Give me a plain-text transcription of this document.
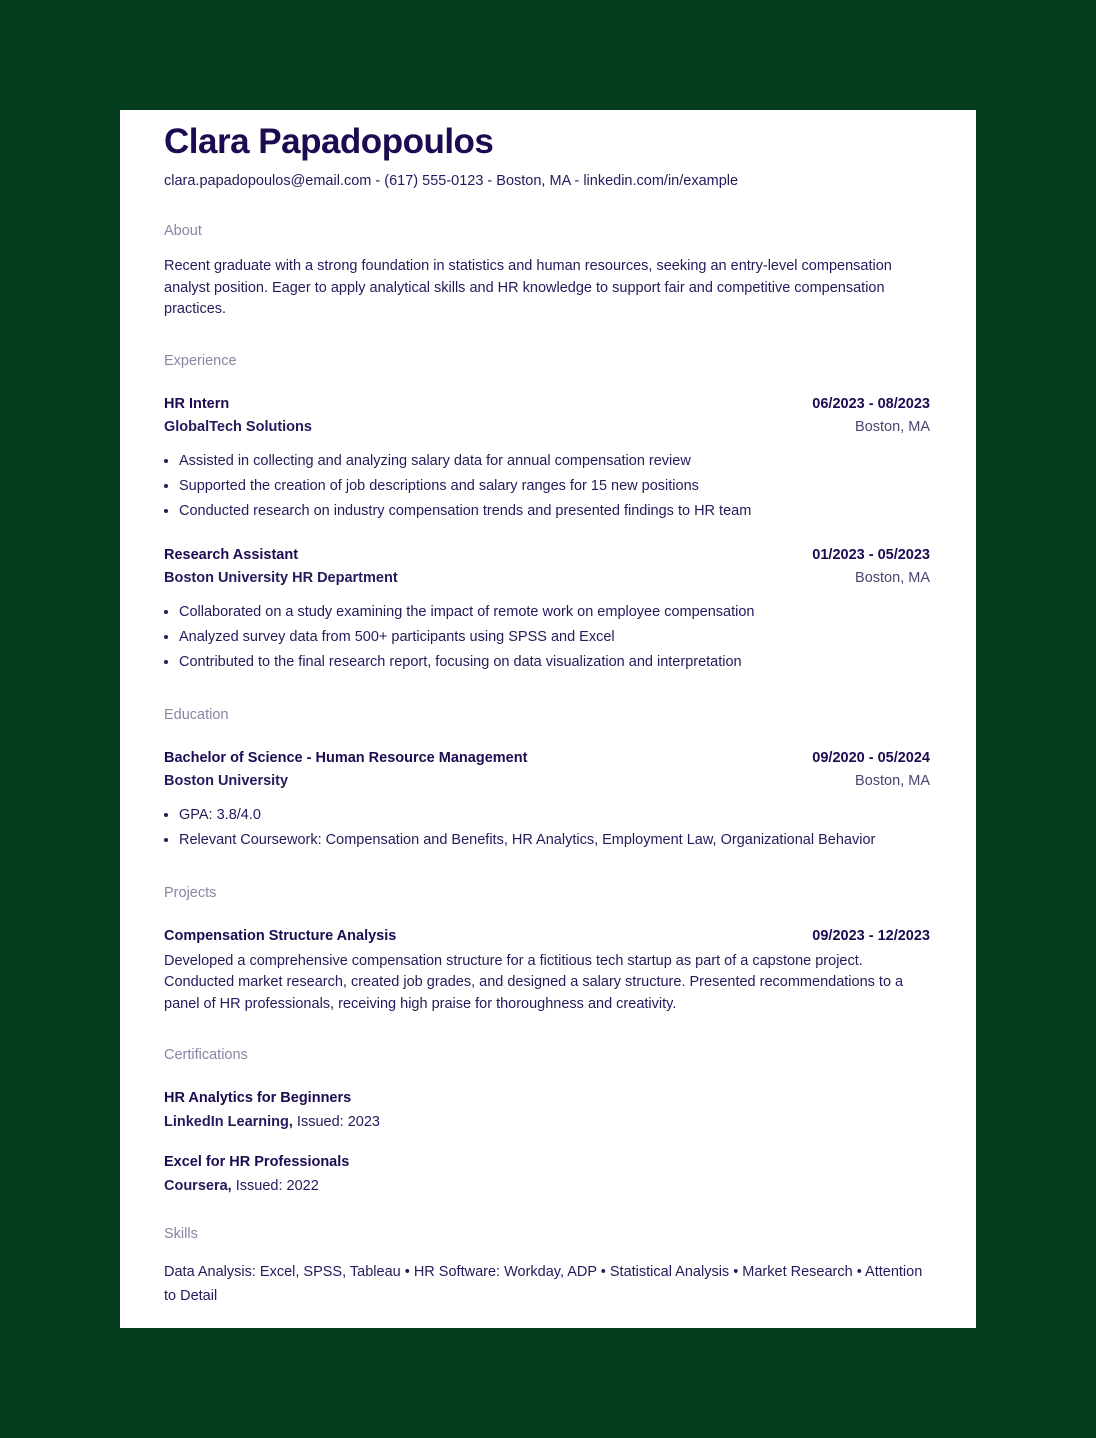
Clara Papadopoulos
clara.papadopoulos@email.com - (617) 555-0123 - Boston, MA - linkedin.com/in/example
About
Recent graduate with a strong foundation in statistics and human resources, seeking an entry-level compensation analyst position. Eager to apply analytical skills and HR knowledge to support fair and competitive compensation practices.
Experience
HR Intern	06/2023 - 08/2023
GlobalTech Solutions	Boston, MA
• Assisted in collecting and analyzing salary data for annual compensation review
• Supported the creation of job descriptions and salary ranges for 15 new positions
• Conducted research on industry compensation trends and presented findings to HR team
Research Assistant	01/2023 - 05/2023
Boston University HR Department	Boston, MA
• Collaborated on a study examining the impact of remote work on employee compensation
• Analyzed survey data from 500+ participants using SPSS and Excel
• Contributed to the final research report, focusing on data visualization and interpretation
Education
Bachelor of Science - Human Resource Management	09/2020 - 05/2024
Boston University	Boston, MA
• GPA: 3.8/4.0
• Relevant Coursework: Compensation and Benefits, HR Analytics, Employment Law, Organizational Behavior
Projects
Compensation Structure Analysis	09/2023 - 12/2023
Developed a comprehensive compensation structure for a fictitious tech startup as part of a capstone project. Conducted market research, created job grades, and designed a salary structure. Presented recommendations to a panel of HR professionals, receiving high praise for thoroughness and creativity.
Certifications
HR Analytics for Beginners
LinkedIn Learning, Issued: 2023
Excel for HR Professionals
Coursera, Issued: 2022
Skills
Data Analysis: Excel, SPSS, Tableau • HR Software: Workday, ADP • Statistical Analysis • Market Research • Attention to Detail
